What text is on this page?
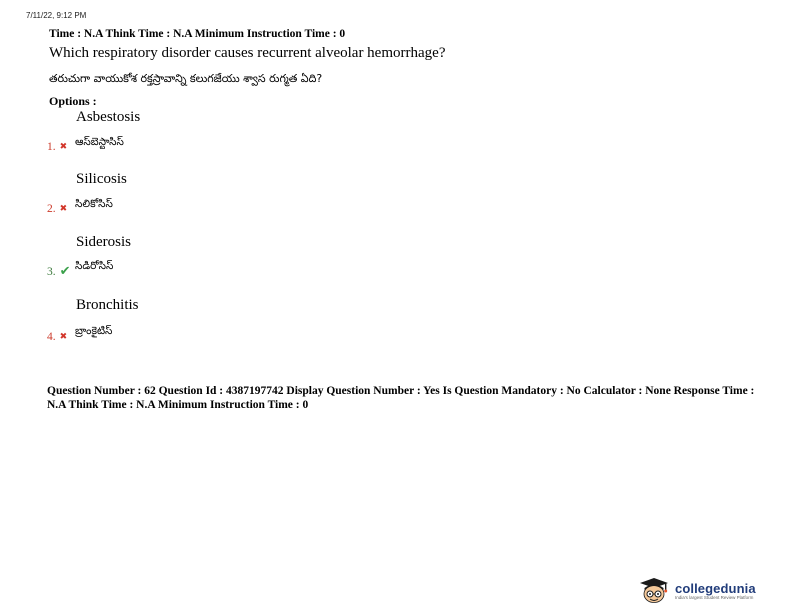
7/11/22, 9:12 PM
Time : N.A Think Time : N.A Minimum Instruction Time : 0
Which respiratory disorder causes recurrent alveolar hemorrhage?
తరుచుగా వాయుకోశ రక్తస్రావాన్ని కలుగజేయు శ్వాస రుగ్మత ఏది?
Options :
Asbestosis
1. ✖ ఆస్‌బెస్టాసిస్
Silicosis
2. ✖ సిలికోసిస్
Siderosis
3. ✔ సిడిరోసిస్
Bronchitis
4. ✖ బ్రాంకైటిస్
Question Number : 62 Question Id : 4387197742 Display Question Number : Yes Is Question Mandatory : No Calculator : None Response Time : N.A Think Time : N.A Minimum Instruction Time : 0
collegedunia
India's largest Student Review Platform
